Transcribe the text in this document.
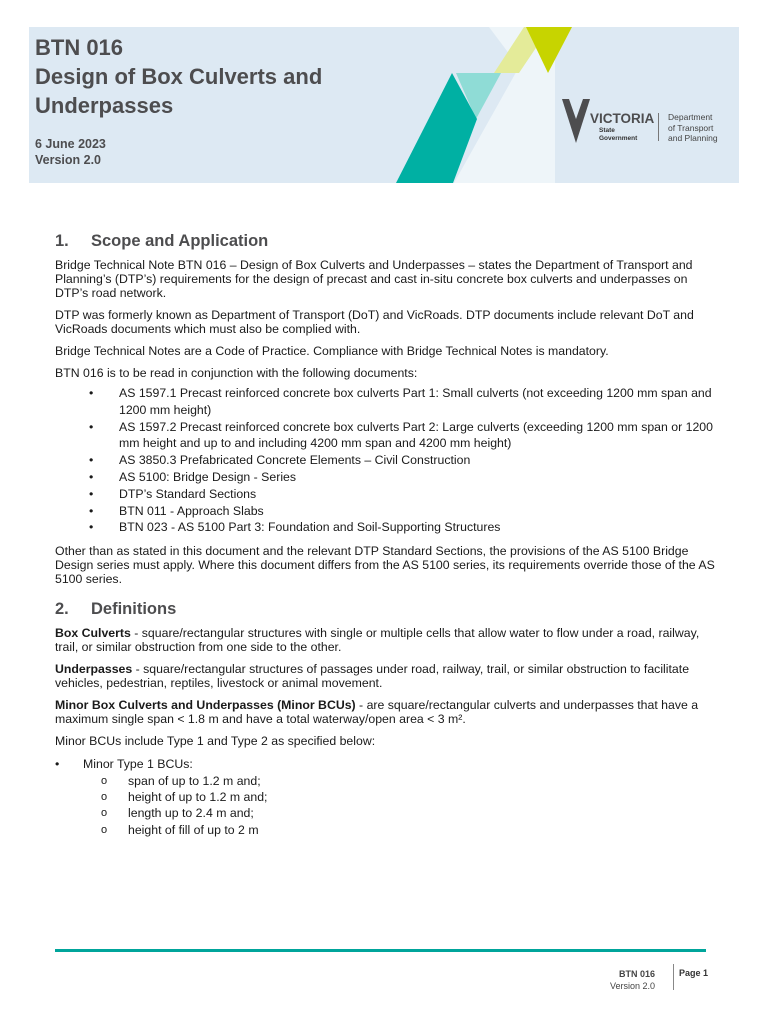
BTN 016
Design of Box Culverts and
Underpasses
6 June 2023
Version 2.0
VICTORIA
State
Government
Department
of Transport
and Planning
1.	Scope and Application

Bridge Technical Note BTN 016 – Design of Box Culverts and Underpasses – states the Department of Transport and Planning’s (DTP’s) requirements for the design of precast and cast in-situ concrete box culverts and underpasses on DTP’s road network.

DTP was formerly known as Department of Transport (DoT) and VicRoads. DTP documents include relevant DoT and VicRoads documents which must also be complied with.

Bridge Technical Notes are a Code of Practice. Compliance with Bridge Technical Notes is mandatory.

BTN 016 is to be read in conjunction with the following documents:

• AS 1597.1 Precast reinforced concrete box culverts Part 1: Small culverts (not exceeding 1200 mm span and 1200 mm height)
• AS 1597.2 Precast reinforced concrete box culverts Part 2: Large culverts (exceeding 1200 mm span or 1200 mm height and up to and including 4200 mm span and 4200 mm height)
• AS 3850.3 Prefabricated Concrete Elements – Civil Construction
• AS 5100: Bridge Design - Series
• DTP’s Standard Sections
• BTN 011 - Approach Slabs
• BTN 023 - AS 5100 Part 3: Foundation and Soil-Supporting Structures

Other than as stated in this document and the relevant DTP Standard Sections, the provisions of the AS 5100 Bridge Design series must apply. Where this document differs from the AS 5100 series, its requirements override those of the AS 5100 series.

2.	Definitions

Box Culverts - square/rectangular structures with single or multiple cells that allow water to flow under a road, railway, trail, or similar obstruction from one side to the other.

Underpasses - square/rectangular structures of passages under road, railway, trail, or similar obstruction to facilitate vehicles, pedestrian, reptiles, livestock or animal movement.

Minor Box Culverts and Underpasses (Minor BCUs) - are square/rectangular culverts and underpasses that have a maximum single span < 1.8 m and have a total waterway/open area < 3 m².

Minor BCUs include Type 1 and Type 2 as specified below:

• Minor Type 1 BCUs:
o span of up to 1.2 m and;
o height of up to 1.2 m and;
o length up to 2.4 m and;
o height of fill of up to 2 m
BTN 016
Version 2.0
Page 1
